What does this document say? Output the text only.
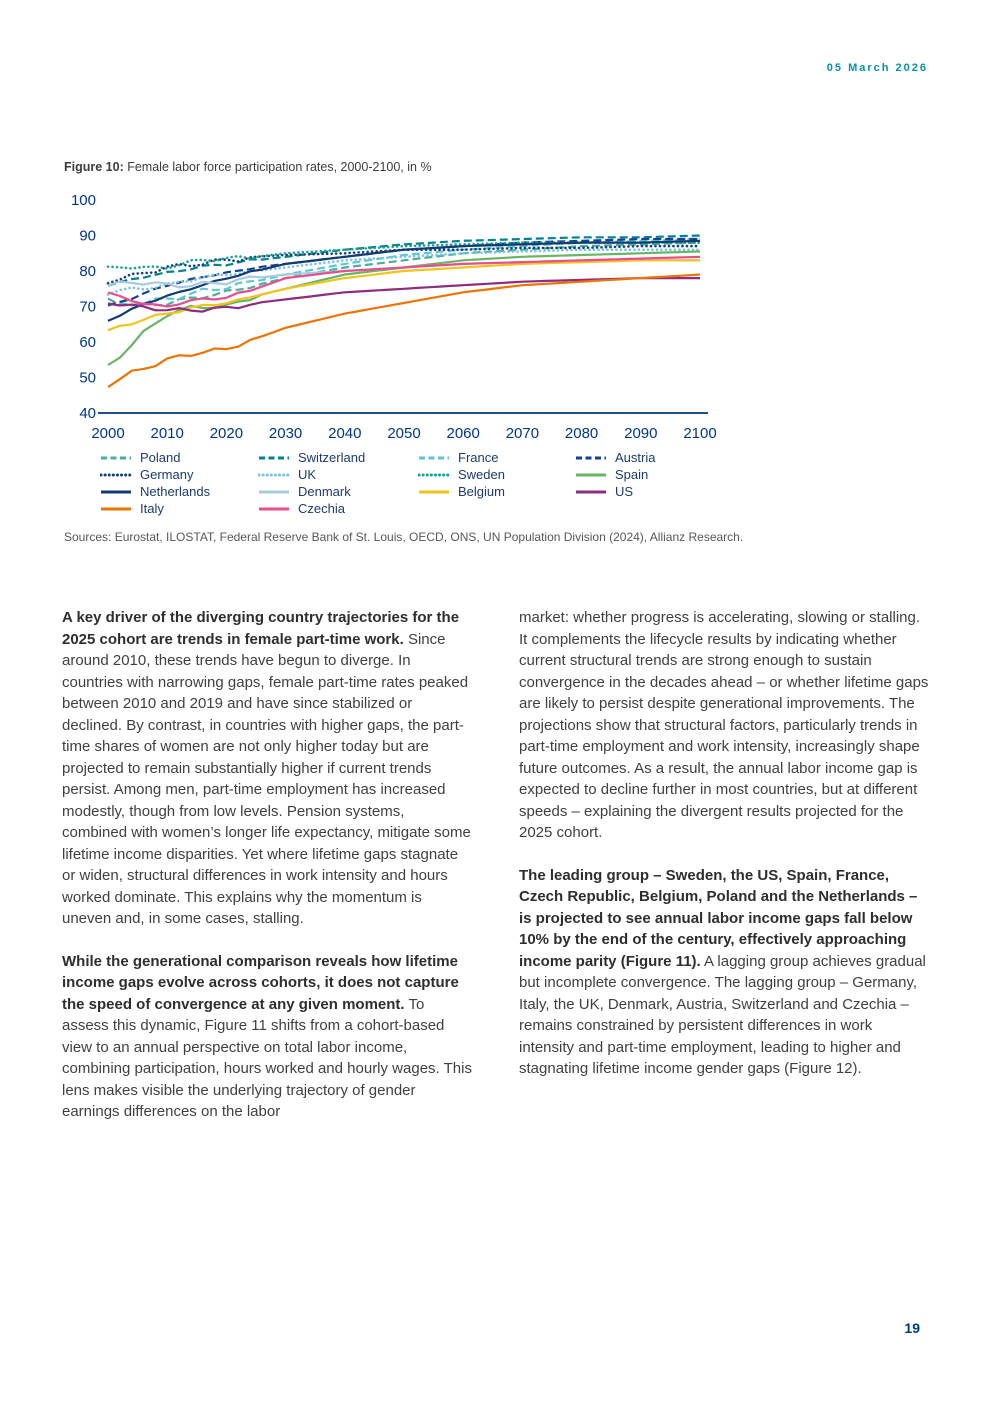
05 March 2026
Figure 10: Female labor force participation rates, 2000-2100, in %
40
50
60
70
80
90
100
2000 2010 2020 2030 2040 2050 2060 2070 2080 2090 2100
Poland	Switzerland	France	Austria
Germany	UK	Sweden	Spain
Netherlands	Denmark	Belgium	US
Italy	Czechia
Sources: Eurostat, ILOSTAT, Federal Reserve Bank of St. Louis, OECD, ONS, UN Population Division (2024), Allianz Research.

A key driver of the diverging country trajectories for the 2025 cohort are trends in female part-time work. Since around 2010, these trends have begun to diverge. In countries with narrowing gaps, female part-time rates peaked between 2010 and 2019 and have since stabilized or declined. By contrast, in countries with higher gaps, the part-time shares of women are not only higher today but are projected to remain substantially higher if current trends persist. Among men, part-time employment has increased modestly, though from low levels. Pension systems, combined with women’s longer life expectancy, mitigate some lifetime income disparities. Yet where lifetime gaps stagnate or widen, structural differences in work intensity and hours worked dominate. This explains why the momentum is uneven and, in some cases, stalling.

While the generational comparison reveals how lifetime income gaps evolve across cohorts, it does not capture the speed of convergence at any given moment. To assess this dynamic, Figure 11 shifts from a cohort-based view to an annual perspective on total labor income, combining participation, hours worked and hourly wages. This lens makes visible the underlying trajectory of gender earnings differences on the labor

market: whether progress is accelerating, slowing or stalling. It complements the lifecycle results by indicating whether current structural trends are strong enough to sustain convergence in the decades ahead – or whether lifetime gaps are likely to persist despite generational improvements. The projections show that structural factors, particularly trends in part-time employment and work intensity, increasingly shape future outcomes. As a result, the annual labor income gap is expected to decline further in most countries, but at different speeds – explaining the divergent results projected for the 2025 cohort.

The leading group – Sweden, the US, Spain, France, Czech Republic, Belgium, Poland and the Netherlands – is projected to see annual labor income gaps fall below 10% by the end of the century, effectively approaching income parity (Figure 11). A lagging group achieves gradual but incomplete convergence. The lagging group – Germany, Italy, the UK, Denmark, Austria, Switzerland and Czechia – remains constrained by persistent differences in work intensity and part-time employment, leading to higher and stagnating lifetime income gender gaps (Figure 12).

19
